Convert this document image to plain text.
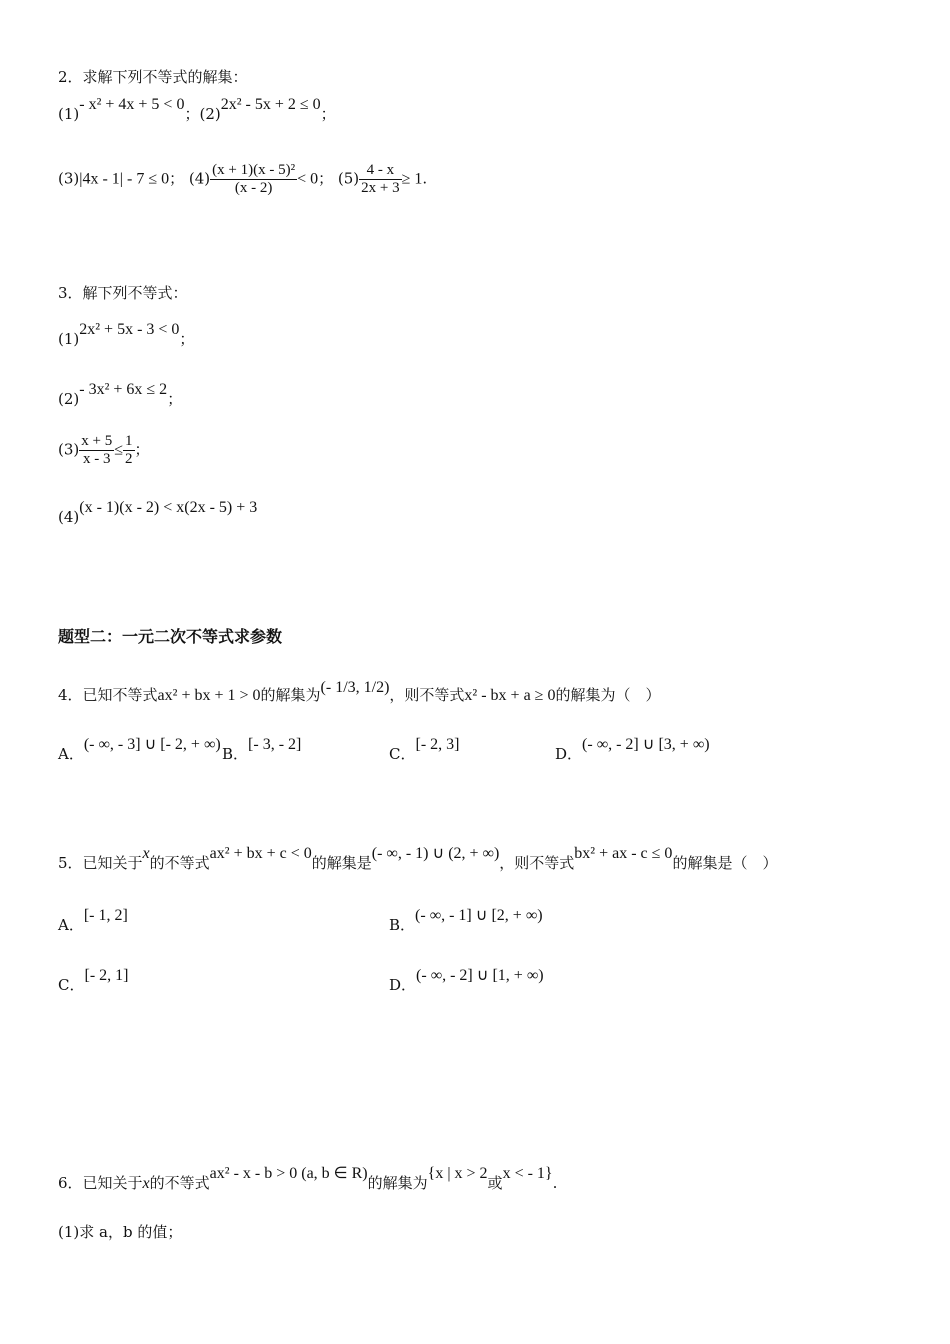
2．求解下列不等式的解集：
(1)- x² + 4x + 5 < 0；(2)2x² - 5x + 2 ≤ 0；
(3)|4x - 1| - 7 ≤ 0； $(4) \frac{\text{(x + 1)(x - 5)²}}{(x - 2)} < 0$； $(5) \frac{4 - x}{2x + 3} \ge 1$.
3．解下列不等式：
(1)2x² + 5x - 3 < 0；
(2)- 3x² + 6x ≤ 2；
$(3) \frac{x + 5}{x - 3} \le \frac{1}{2}$ ；
(4)(x - 1)(x - 2) < x(2x - 5) + 3
题型二：一元二次不等式求参数
4．已知不等式ax² + bx + 1 > 0的解集为(- 1/3, 1/2)，则不等式x² - bx + a ≥ 0的解集为（　）
A．(- ∞, - 3] ∪ [- 2, + ∞)
B．[- 3, - 2]
C．[- 2, 3]
D．(- ∞, - 2] ∪ [3, + ∞)
5．已知关于x的不等式ax² + bx + c < 0的解集是(- ∞, - 1) ∪ (2, + ∞)，则不等式bx² + ax - c ≤ 0的解集是（　）
A．[- 1, 2]
B．(- ∞, - 1] ∪ [2, + ∞)
C．[- 2, 1]
D．(- ∞, - 2] ∪ [1, + ∞)
6．已知关于x的不等式ax² - x - b > 0 (a, b ∈ R)的解集为{x | x > 2或x < - 1}.
(1)求 a，b 的值；
